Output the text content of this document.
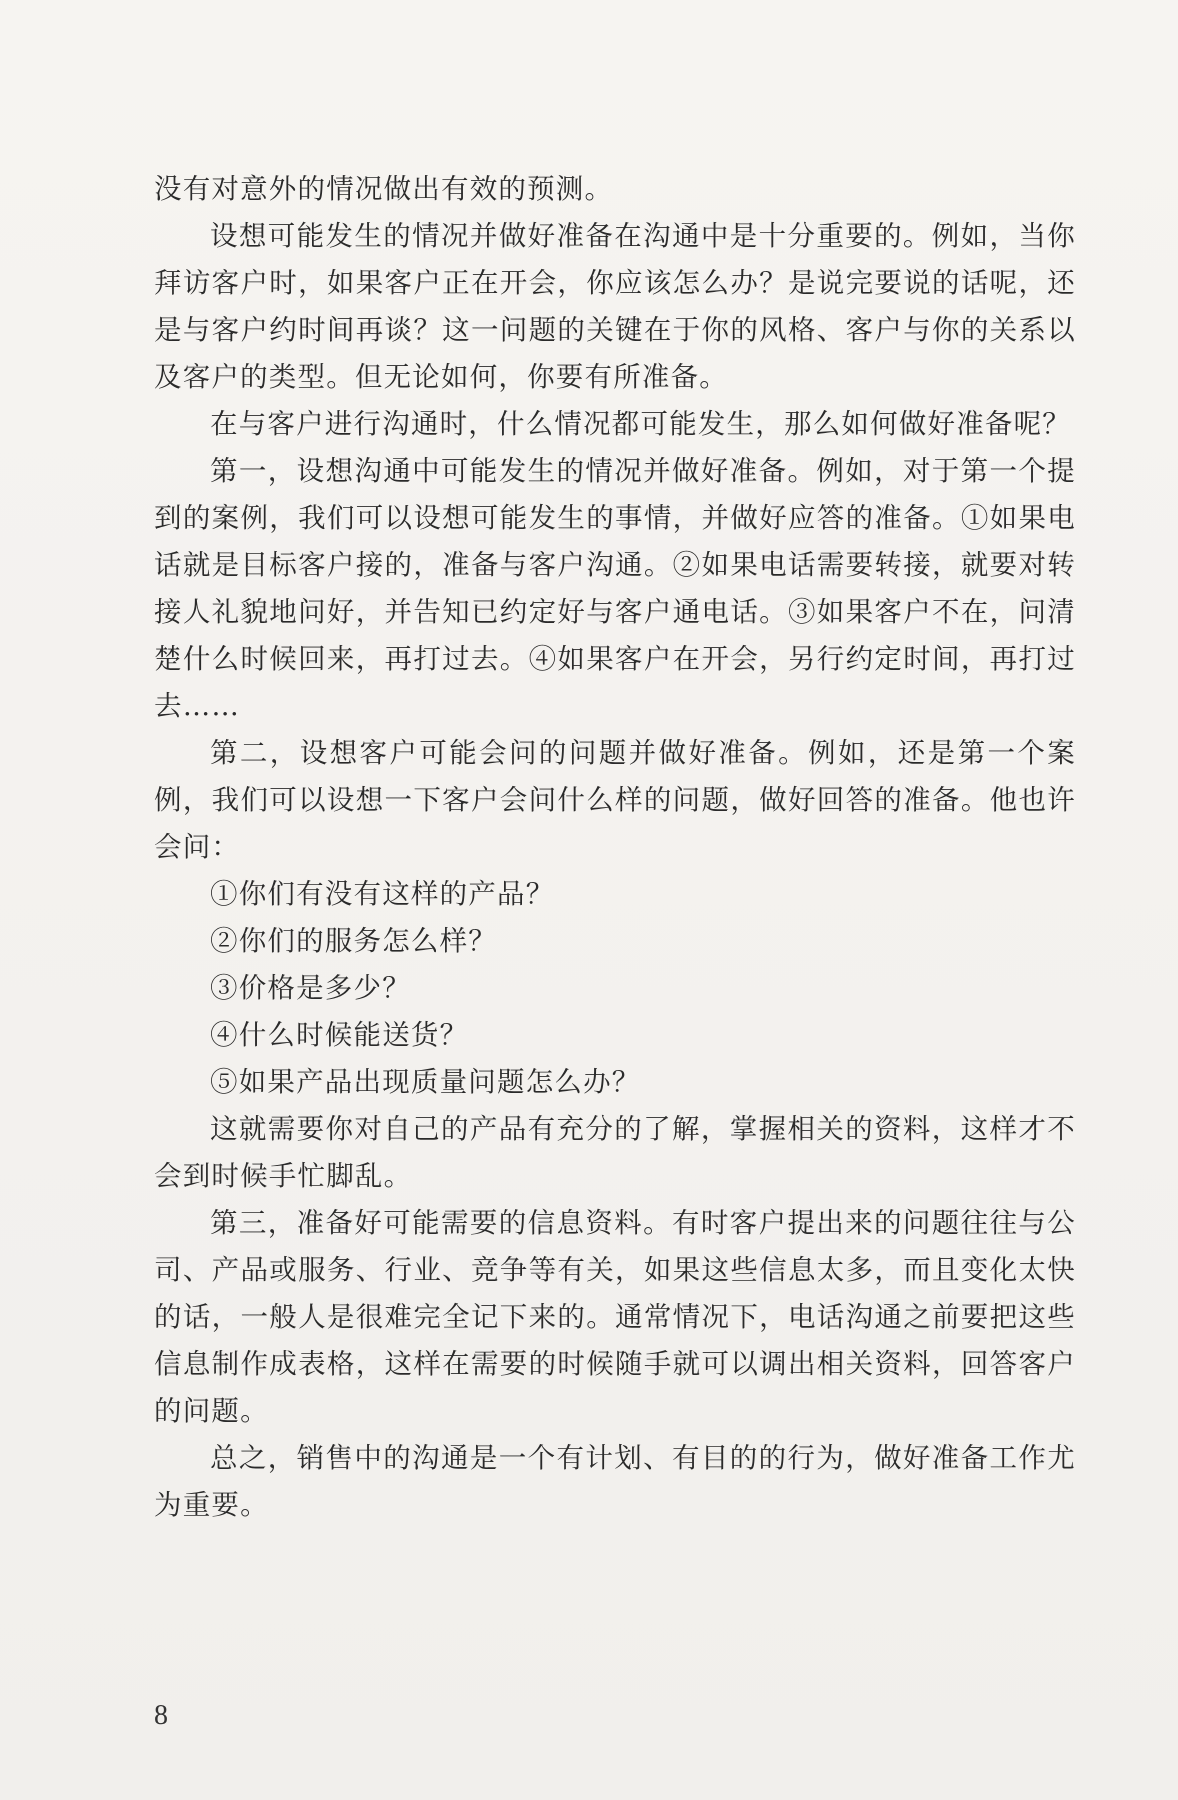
没有对意外的情况做出有效的预测。

设想可能发生的情况并做好准备在沟通中是十分重要的。例如，当你拜访客户时，如果客户正在开会，你应该怎么办？是说完要说的话呢，还是与客户约时间再谈？这一问题的关键在于你的风格、客户与你的关系以及客户的类型。但无论如何，你要有所准备。

在与客户进行沟通时，什么情况都可能发生，那么如何做好准备呢？

第一，设想沟通中可能发生的情况并做好准备。例如，对于第一个提到的案例，我们可以设想可能发生的事情，并做好应答的准备。①如果电话就是目标客户接的，准备与客户沟通。②如果电话需要转接，就要对转接人礼貌地问好，并告知已约定好与客户通电话。③如果客户不在，问清楚什么时候回来，再打过去。④如果客户在开会，另行约定时间，再打过去……

第二，设想客户可能会问的问题并做好准备。例如，还是第一个案例，我们可以设想一下客户会问什么样的问题，做好回答的准备。他也许会问：

①你们有没有这样的产品？

②你们的服务怎么样？

③价格是多少？

④什么时候能送货？

⑤如果产品出现质量问题怎么办？

这就需要你对自己的产品有充分的了解，掌握相关的资料，这样才不会到时候手忙脚乱。

第三，准备好可能需要的信息资料。有时客户提出来的问题往往与公司、产品或服务、行业、竞争等有关，如果这些信息太多，而且变化太快的话，一般人是很难完全记下来的。通常情况下，电话沟通之前要把这些信息制作成表格，这样在需要的时候随手就可以调出相关资料，回答客户的问题。

总之，销售中的沟通是一个有计划、有目的的行为，做好准备工作尤为重要。

8
